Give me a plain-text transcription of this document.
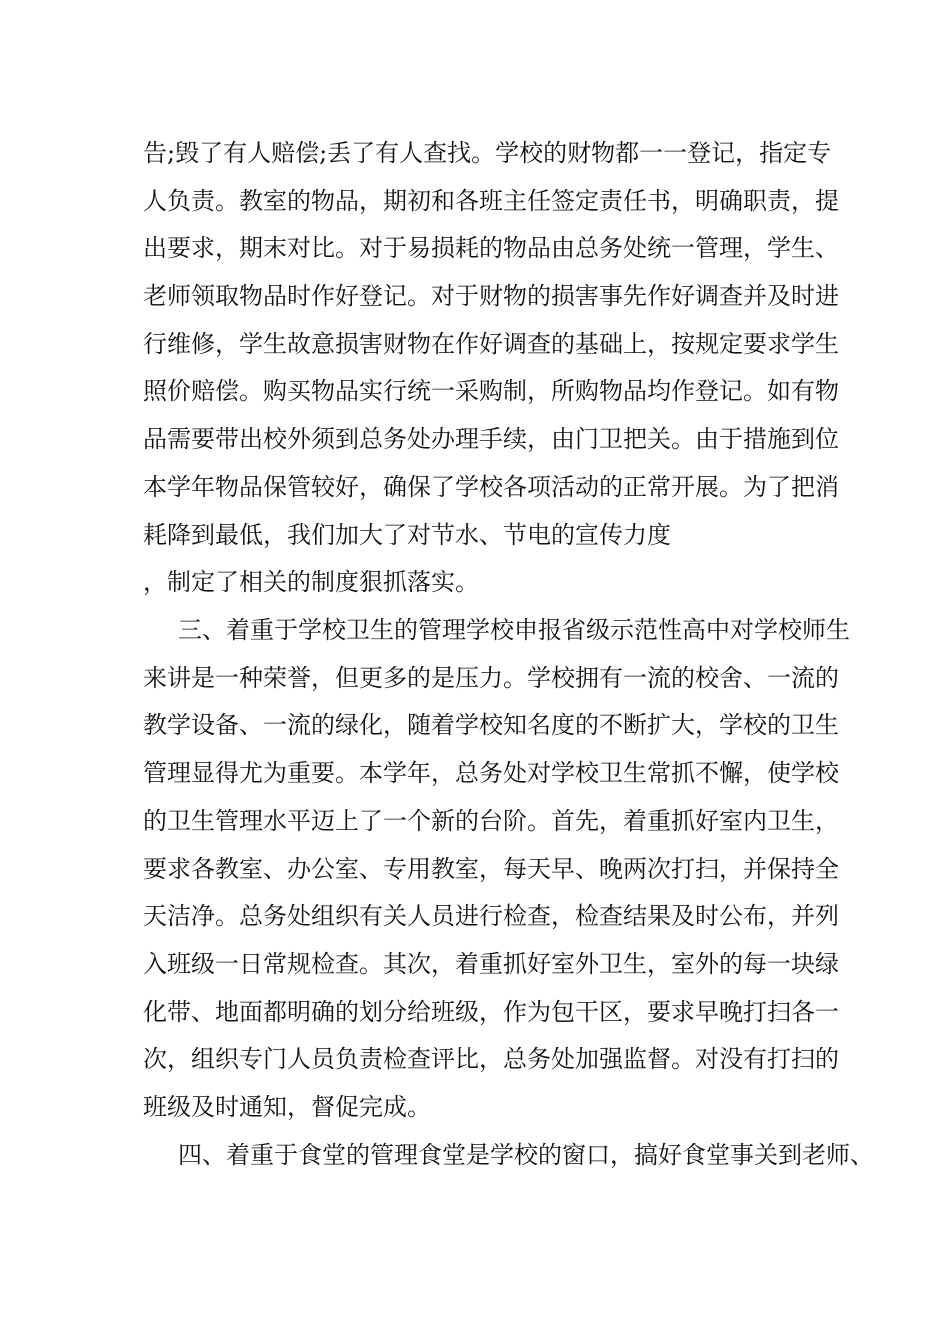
告;毁了有人赔偿;丢了有人查找。学校的财物都一一登记，指定专

人负责。教室的物品，期初和各班主任签定责任书，明确职责，提

出要求，期末对比。对于易损耗的物品由总务处统一管理，学生、

老师领取物品时作好登记。对于财物的损害事先作好调查并及时进

行维修，学生故意损害财物在作好调查的基础上，按规定要求学生

照价赔偿。购买物品实行统一采购制，所购物品均作登记。如有物

品需要带出校外须到总务处办理手续，由门卫把关。由于措施到位

本学年物品保管较好，确保了学校各项活动的正常开展。为了把消

耗降到最低，我们加大了对节水、节电的宣传力度

，制定了相关的制度狠抓落实。

三、着重于学校卫生的管理学校申报省级示范性高中对学校师生

来讲是一种荣誉，但更多的是压力。学校拥有一流的校舍、一流的

教学设备、一流的绿化，随着学校知名度的不断扩大，学校的卫生

管理显得尤为重要。本学年，总务处对学校卫生常抓不懈，使学校

的卫生管理水平迈上了一个新的台阶。首先，着重抓好室内卫生，

要求各教室、办公室、专用教室，每天早、晚两次打扫，并保持全

天洁净。总务处组织有关人员进行检查，检查结果及时公布，并列

入班级一日常规检查。其次，着重抓好室外卫生，室外的每一块绿

化带、地面都明确的划分给班级，作为包干区，要求早晚打扫各一

次，组织专门人员负责检查评比，总务处加强监督。对没有打扫的

班级及时通知，督促完成。

四、着重于食堂的管理食堂是学校的窗口，搞好食堂事关到老师、
